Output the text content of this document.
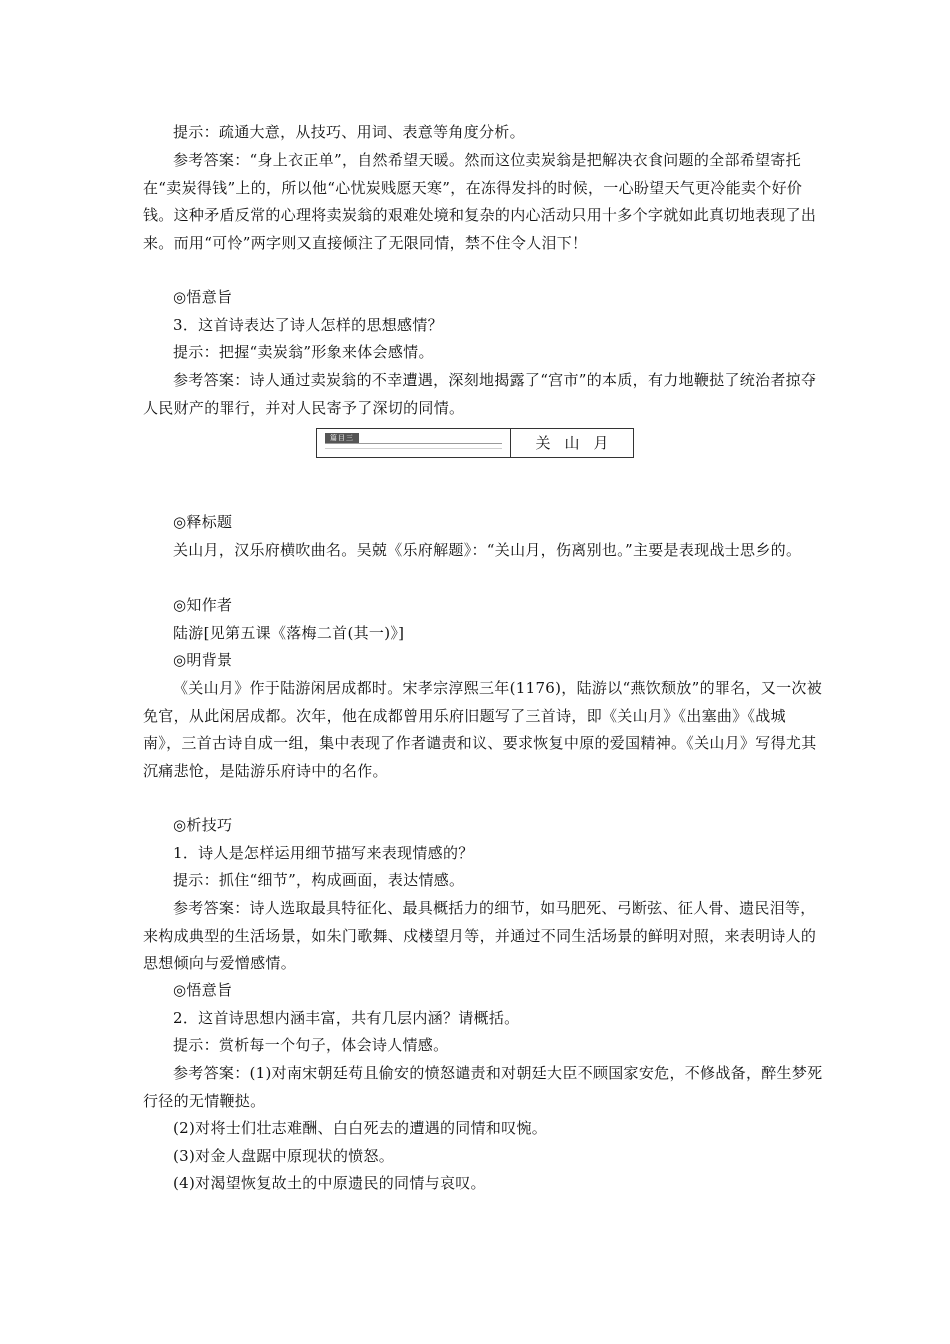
提示：疏通大意，从技巧、用词、表意等角度分析。

参考答案：“身上衣正单”，自然希望天暖。然而这位卖炭翁是把解决衣食问题的全部希望寄托在“卖炭得钱”上的，所以他“心忧炭贱愿天寒”，在冻得发抖的时候，一心盼望天气更冷能卖个好价钱。这种矛盾反常的心理将卖炭翁的艰难处境和复杂的内心活动只用十多个字就如此真切地表现了出来。而用“可怜”两字则又直接倾注了无限同情，禁不住令人泪下！

◎悟意旨

3．这首诗表达了诗人怎样的思想感情？

提示：把握“卖炭翁”形象来体会感情。

参考答案：诗人通过卖炭翁的不幸遭遇，深刻地揭露了“宫市”的本质，有力地鞭挞了统治者掠夺人民财产的罪行，并对人民寄予了深切的同情。

篇目三	关山月

◎释标题

关山月，汉乐府横吹曲名。吴兢《乐府解题》：“关山月，伤离别也。”主要是表现战士思乡的。

◎知作者

陆游[见第五课《落梅二首(其一)》]

◎明背景

《关山月》作于陆游闲居成都时。宋孝宗淳熙三年(1176)，陆游以“燕饮颓放”的罪名，又一次被免官，从此闲居成都。次年，他在成都曾用乐府旧题写了三首诗，即《关山月》《出塞曲》《战城南》，三首古诗自成一组，集中表现了作者谴责和议、要求恢复中原的爱国精神。《关山月》写得尤其沉痛悲怆，是陆游乐府诗中的名作。

◎析技巧

1．诗人是怎样运用细节描写来表现情感的？

提示：抓住“细节”，构成画面，表达情感。

参考答案：诗人选取最具特征化、最具概括力的细节，如马肥死、弓断弦、征人骨、遗民泪等，来构成典型的生活场景，如朱门歌舞、戍楼望月等，并通过不同生活场景的鲜明对照，来表明诗人的思想倾向与爱憎感情。

◎悟意旨

2．这首诗思想内涵丰富，共有几层内涵？请概括。

提示：赏析每一个句子，体会诗人情感。

参考答案：(1)对南宋朝廷苟且偷安的愤怒谴责和对朝廷大臣不顾国家安危，不修战备，醉生梦死行径的无情鞭挞。

(2)对将士们壮志难酬、白白死去的遭遇的同情和叹惋。

(3)对金人盘踞中原现状的愤怒。

(4)对渴望恢复故土的中原遗民的同情与哀叹。
